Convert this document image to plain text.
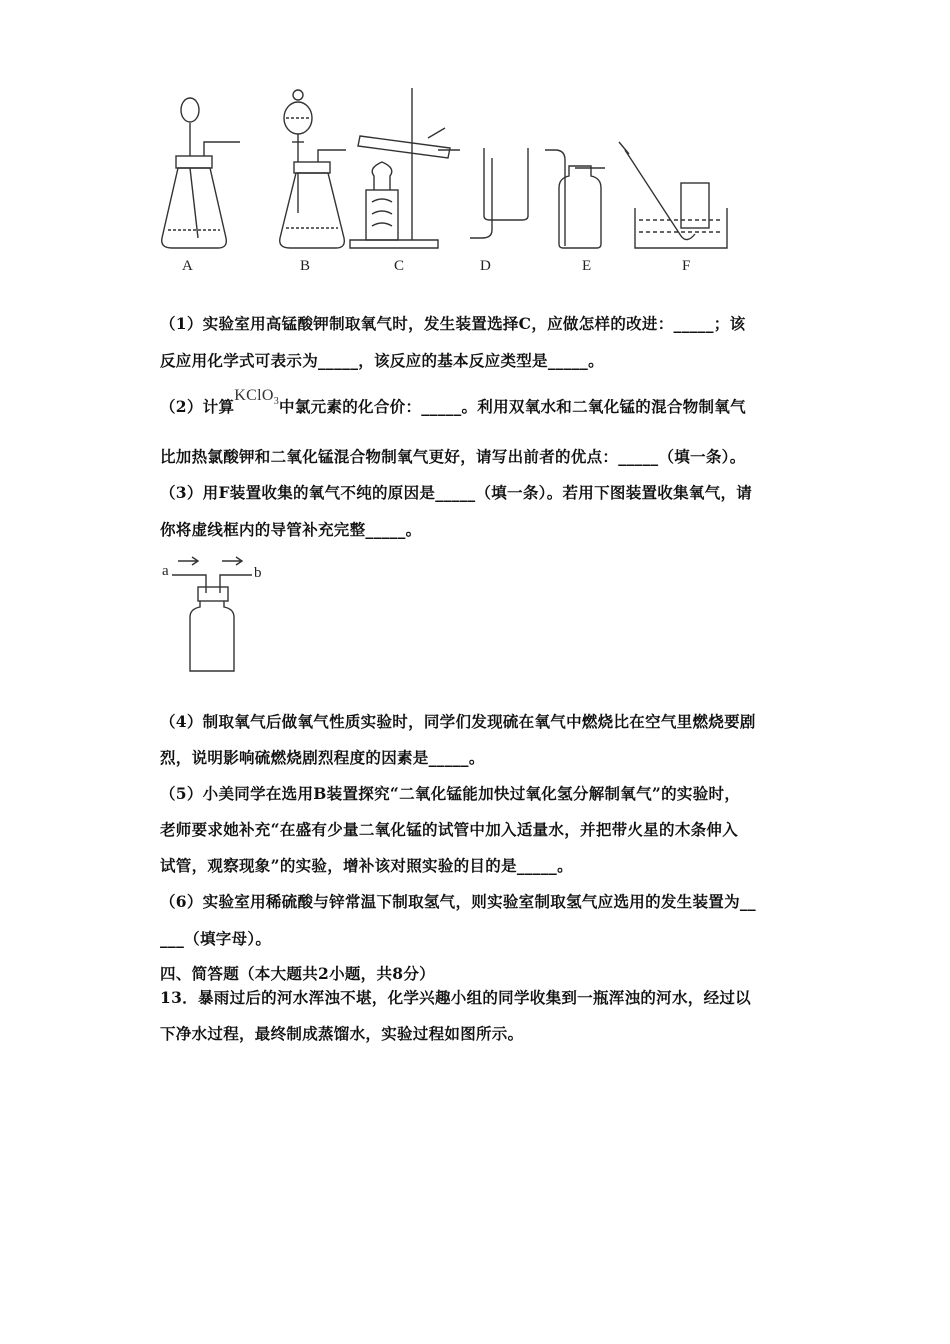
A	B	C	D	E	F
（1）实验室用高锰酸钾制取氧气时，发生装置选择C，应做怎样的改进：_____；该
反应用化学式可表示为_____，该反应的基本反应类型是_____。
（2）计算KClO$_3$中氯元素的化合价：_____。利用双氧水和二氧化锰的混合物制氧气
比加热氯酸钾和二氧化锰混合物制氧气更好，请写出前者的优点：_____（填一条）。
（3）用F装置收集的氧气不纯的原因是_____（填一条）。若用下图装置收集氧气，请
你将虚线框内的导管补充完整_____。
a	b
（4）制取氧气后做氧气性质实验时，同学们发现硫在氧气中燃烧比在空气里燃烧要剧
烈，说明影响硫燃烧剧烈程度的因素是_____。
（5）小美同学在选用B装置探究“二氧化锰能加快过氧化氢分解制氧气”的实验时，
老师要求她补充“在盛有少量二氧化锰的试管中加入适量水，并把带火星的木条伸入
试管，观察现象”的实验，增补该对照实验的目的是_____。
（6）实验室用稀硫酸与锌常温下制取氢气，则实验室制取氢气应选用的发生装置为__
___（填字母）。
四、简答题（本大题共2小题，共8分）
13．暴雨过后的河水浑浊不堪，化学兴趣小组的同学收集到一瓶浑浊的河水，经过以
下净水过程，最终制成蒸馏水，实验过程如图所示。
